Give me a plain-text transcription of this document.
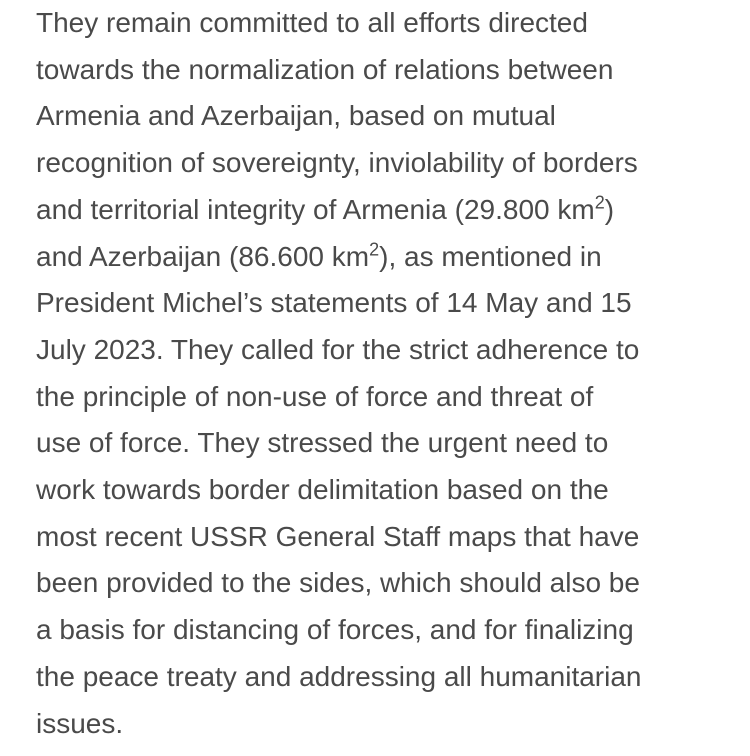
They remain committed to all efforts directed
towards the normalization of relations between
Armenia and Azerbaijan, based on mutual
recognition of sovereignty, inviolability of borders
and territorial integrity of Armenia (29.800 $km^2$)
and Azerbaijan (86.600 $km^2$), as mentioned in
President Michel’s statements of 14 May and 15
July 2023. They called for the strict adherence to
the principle of non-use of force and threat of
use of force. They stressed the urgent need to
work towards border delimitation based on the
most recent USSR General Staff maps that have
been provided to the sides, which should also be
a basis for distancing of forces, and for finalizing
the peace treaty and addressing all humanitarian
issues.
